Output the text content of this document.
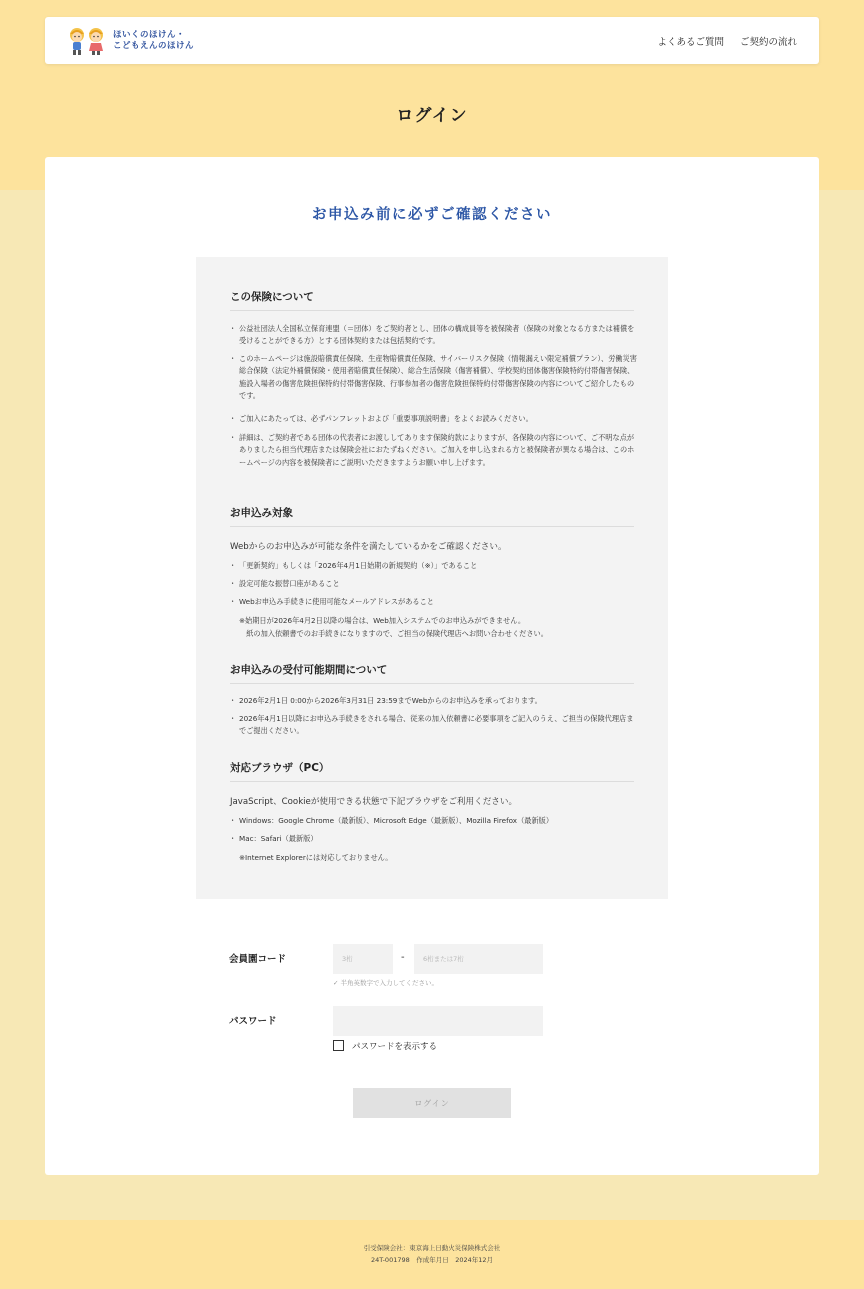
ほいくのほけん・
こどもえんのほけん	よくあるご質問 ご契約の流れ
ログイン
お申込み前に必ずご確認ください
この保険について
・ 公益社団法人全国私立保育連盟（＝団体）をご契約者とし、団体の構成員等を被保険者（保険の対象となる方または補償を受けることができる方）とする団体契約または包括契約です。
・ このホームページは施設賠償責任保険、生産物賠償責任保険、サイバーリスク保険（情報漏えい限定補償プラン）、労働災害総合保険（法定外補償保険・使用者賠償責任保険）、総合生活保険（傷害補償）、学校契約団体傷害保険特約付帯傷害保険、施設入場者の傷害危険担保特約付帯傷害保険、行事参加者の傷害危険担保特約付帯傷害保険の内容についてご紹介したものです。
・ ご加入にあたっては、必ずパンフレットおよび「重要事項説明書」をよくお読みください。
・ 詳細は、ご契約者である団体の代表者にお渡ししてあります保険約款によりますが、各保険の内容について、ご不明な点がありましたら担当代理店または保険会社におたずねください。ご加入を申し込まれる方と被保険者が異なる場合は、このホームページの内容を被保険者にご説明いただきますようお願い申し上げます。
お申込み対象
Webからのお申込みが可能な条件を満たしているかをご確認ください。
・ 「更新契約」もしくは「2026年4月1日始期の新規契約（※）」であること
・ 設定可能な振替口座があること
・ Webお申込み手続きに使用可能なメールアドレスがあること
※始期日が2026年4月2日以降の場合は、Web加入システムでのお申込みができません。
　紙の加入依頼書でのお手続きになりますので、ご担当の保険代理店へお問い合わせください。
お申込みの受付可能期間について
・ 2026年2月1日 0:00から2026年3月31日 23:59までWebからのお申込みを承っております。
・ 2026年4月1日以降にお申込み手続きをされる場合、従来の加入依頼書に必要事項をご記入のうえ、ご担当の保険代理店までご提出ください。
対応ブラウザ（PC）
JavaScript、Cookieが使用できる状態で下記ブラウザをご利用ください。
・ Windows：Google Chrome（最新版）、Microsoft Edge（最新版）、Mozilla Firefox（最新版）
・ Mac：Safari（最新版）
※Internet Explorerには対応しておりません。
会員園コード
3桁	-
6桁または7桁
✓ 半角英数字で入力してください。
パスワード
パスワードを表示する
ログイン
引受保険会社：東京海上日動火災保険株式会社
24T-001798　作成年月日　2024年12月
